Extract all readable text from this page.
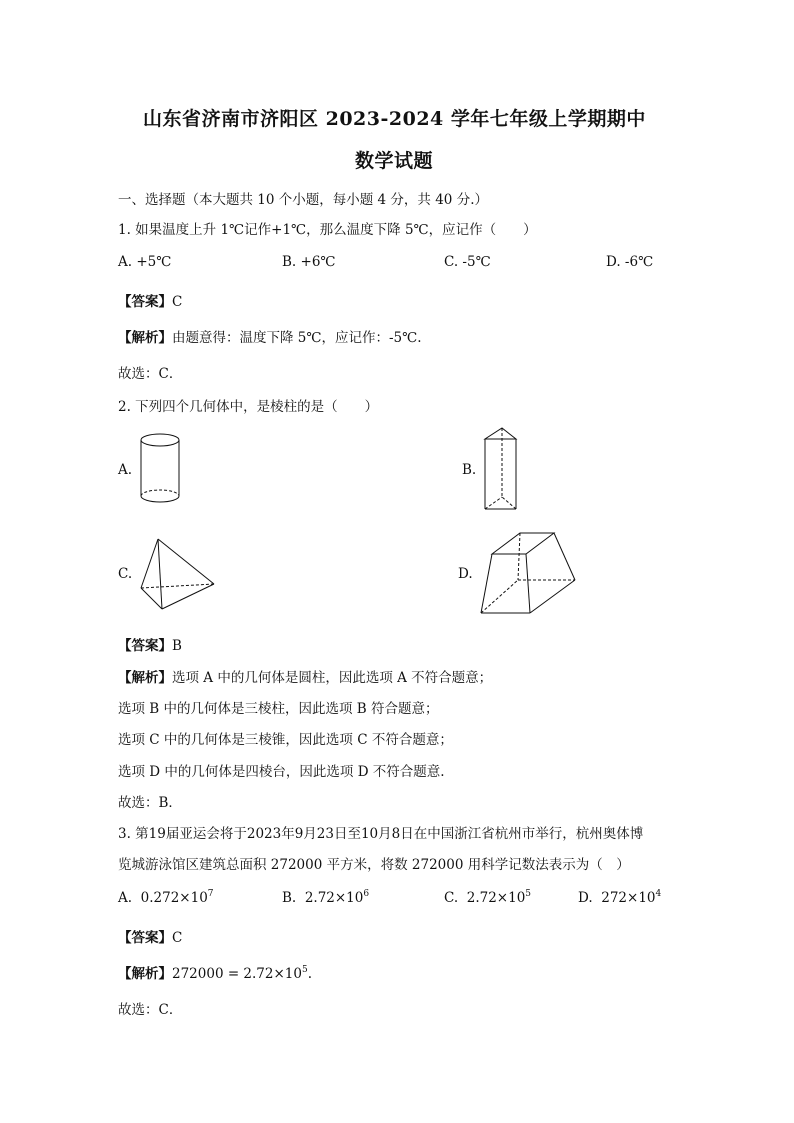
山东省济南市济阳区 2023-2024 学年七年级上学期期中
数学试题
一、选择题（本大题共 10 个小题，每小题 4 分，共 40 分.）
1. 如果温度上升 1℃记作+1℃，那么温度下降 5℃，应记作（　　）
A. +5℃	B. +6℃	C. -5℃	D. -6℃
【答案】C
【解析】由题意得：温度下降 5℃，应记作：-5℃.
故选：C．
2. 下列四个几何体中，是棱柱的是（　　）
A.	B.
C.	D.
【答案】B
【解析】选项 A 中的几何体是圆柱，因此选项 A 不符合题意；
选项 B 中的几何体是三棱柱，因此选项 B 符合题意；
选项 C 中的几何体是三棱锥，因此选项 C 不符合题意；
选项 D 中的几何体是四棱台，因此选项 D 不符合题意.
故选：B．
3. 第19届亚运会将于2023年9月23日至10月8日在中国浙江省杭州市举行，杭州奥体博
览城游泳馆区建筑总面积 272000 平方米，将数 272000 用科学记数法表示为（　）
A. $0.272\times 10^7$	B. $2.72\times 10^6$	C. $2.72\times 10^5$	D. $272\times 10^4$
【答案】C
【解析】$272000 = 2.72\times 10^5$.
故选：C．
